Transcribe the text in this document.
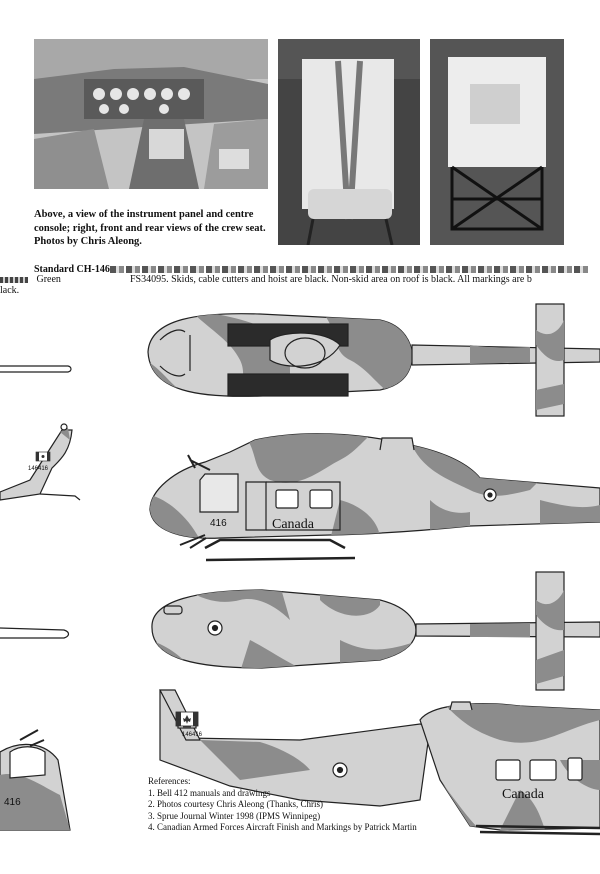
Above, a view of the instrument panel and centre console; right, front and rear views of the crew seat. Photos by Chris Aleong.
Standard CH-146
Green	FS34095. Skids, cable cutters and hoist are black. Non-skid area on roof is black. All markings are b
lack.
416	Canada
146416
146416
416
Canada
References:
1. Bell 412 manuals and drawings
2. Photos courtesy Chris Aleong (Thanks, Chris)
3. Sprue Journal Winter 1998 (IPMS Winnipeg)
4. Canadian Armed Forces Aircraft Finish and Markings by Patrick Martin
